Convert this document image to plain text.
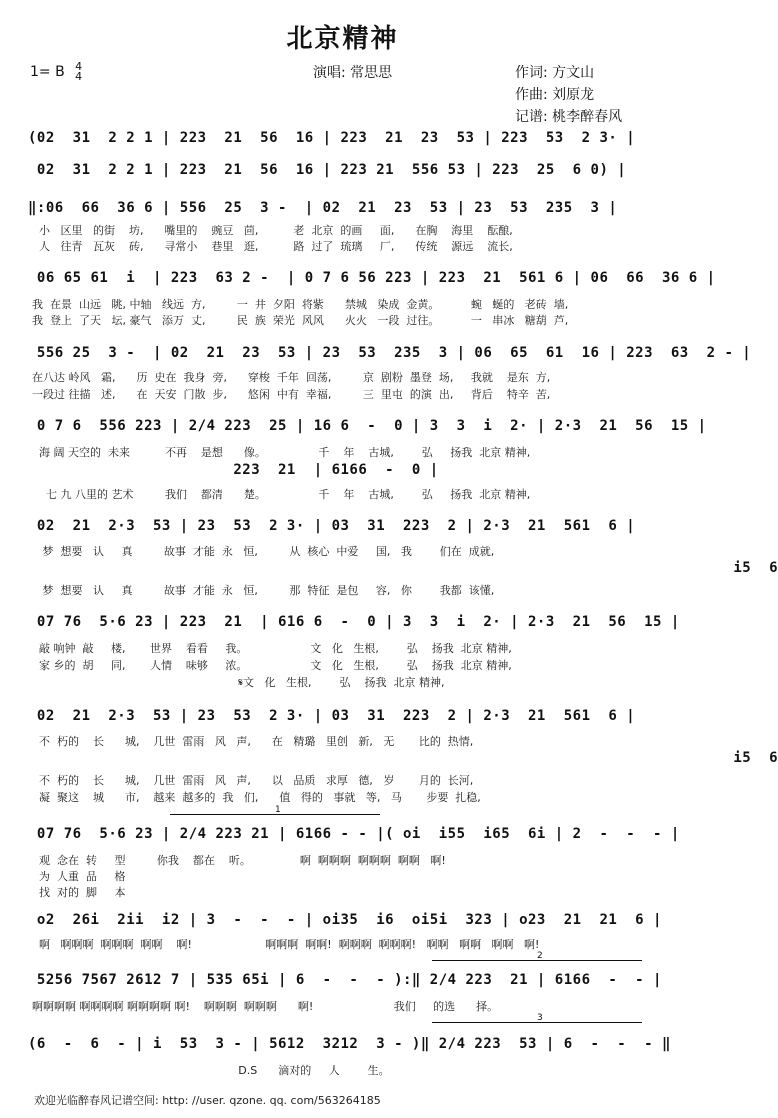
北京精神
1= B 4
4	演唱: 常思思	作词: 方文山
作曲: 刘原龙
记谱: 桃李醉春风
(02  31  2 2 1 | 223  21  56  16 | 223  21  23  53 | 223  53  2 3· |
02  31  2 2 1 | 223  21  56  16 | 223 21  556 53 | 223  25  6 0) |
‖:06  66  36 6 | 556  25  3 -  | 02  21  23  53 | 23  53  235  3 |
小   区里   的街    坊,      嘴里的    豌豆   茴,          老  北京  的画     面,      在胸    海里    酝酿,
人   往青   瓦灰    砖,      寻常小    巷里   逛,          路  过了  琉璃     厂,      传统    源远    流长,
06 65 61  i  | 223  63 2 -  | 0 7 6 56 223 | 223  21  561 6 | 06  66  36 6 |
我  在景  山远   眺, 中轴   线远  方,         一  井  夕阳  将紫      禁城   染成  金黄。         蜿   蜒的   老砖  墙,
我  登上  了天   坛, 豪气   添万  丈,         民  族  荣光  风风      火火   一段  过往。         一   串冰   糖葫  芦,
556 25  3 -  | 02  21  23  53 | 23  53  235  3 | 06  65  61  16 | 223  63  2 - |
在八达 岭风   霜,      历  史在  我身  旁,      穿梭  千年  回荡,         京  剧粉  墨登  场,     我就    是东  方,
一段过 往描   述,      在  天安  门散  步,      悠闲  中有  幸福,         三  里屯  的演  出,     背后    特辛  苦,
0 7 6  556 223 | 2/4 223  25 | 16 6  -  0 | 3  3  i  2· | 2·3  21  56  15 |
海 阔 天空的  未来          不再    是想      像。               千    年    古城,        弘     扬我  北京 精神,
223  21  | 6166  -  0 |
七 九 八里的 艺术         我们    都清      楚。               千    年    古城,        弘     扬我  北京 精神,
02  21  2·3  53 | 23  53  2 3· | 03  31  223  2 | 2·3  21  561  6 |
梦  想要   认     真         故事  才能  永   恒,         从  核心  中爱     国,   我        们在  成就,
i5  6
梦  想要   认     真         故事  才能  永   恒,         那  特征  是包     容,   你        我都  该懂,
07 76  5·6 23 | 223  21  | 616 6  -  0 | 3  3  i  2· | 2·3  21  56  15 |
敲 响钟  敲     楼,       世界    看看     我。                  文   化   生根,        弘    扬我  北京 精神,
家 乡的  胡     同,       人情    味够     浓。                  文   化   生根,        弘    扬我  北京 精神,
𝄋文   化   生根,        弘    扬我  北京 精神,
02  21  2·3  53 | 23  53  2 3· | 03  31  223  2 | 2·3  21  561  6 |
不  朽的    长      城,    几世  雷雨   风   声,      在   精璐   里创   新,   无       比的  热情,
i5  6
不  朽的    长      城,    几世  雷雨   风   声,      以   品质   求厚   德,   岁       月的  长河,
凝  聚这    城      市,    越来  越多的  我   们,      值   得的   事就   等,   马       步要  扎稳,
1
07 76  5·6 23 | 2/4 223 21 | 6166 - - |( oi  i55  i65  6i | 2  -  -  - |
观  念在  转     型         你我    都在    听。              啊  啊啊啊  啊啊啊  啊啊   啊!
为  人重  品     格
找  对的  脚     本
o2  26i  2ii  i2 | 3  -  -  - | oi35  i6  oi5i  323 | o23  21  21  6 |
啊   啊啊啊  啊啊啊  啊啊    啊!                     啊啊啊  啊啊!  啊啊啊  啊啊啊!   啊啊   啊啊   啊啊   啊!
2
5256 7567 2612 7 | 535 65i | 6  -  -  - ):‖ 2/4 223  21 | 6166  -  - |
啊啊啊啊 啊啊啊啊 啊啊啊啊 啊!    啊啊啊  啊啊啊      啊!                       我们     的选      择。
3
(6  -  6  - | i  53  3 - | 5612  3212  3 - )‖ 2/4 223  53 | 6  -  -  - ‖
D.S      滴对的     人        生。
欢迎光临醉春风记谱空间: http: //user. qzone. qq. com/563264185
